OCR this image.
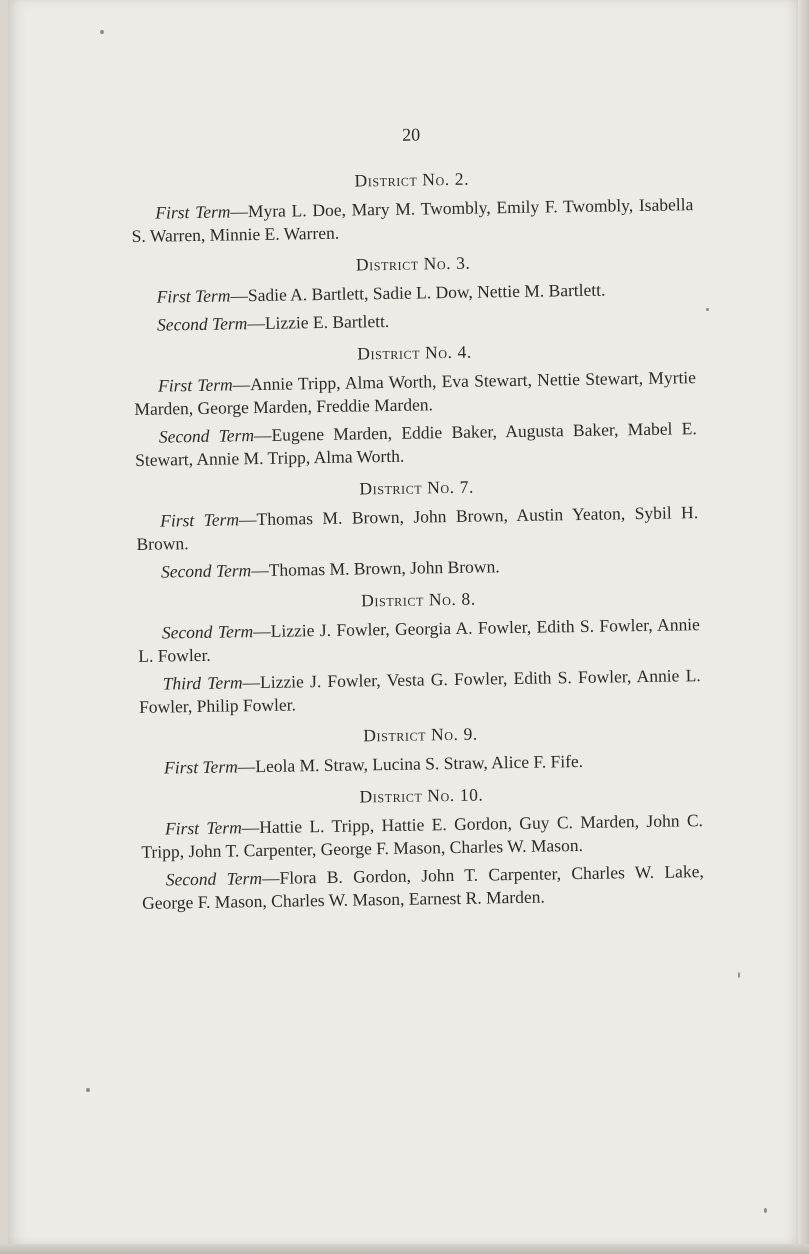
20
District No. 2.

First Term—Myra L. Doe, Mary M. Twombly, Emily F. Twombly, Isabella S. Warren, Minnie E. Warren.

District No. 3.

First Term—Sadie A. Bartlett, Sadie L. Dow, Nettie M. Bartlett.

Second Term—Lizzie E. Bartlett.

District No. 4.

First Term—Annie Tripp, Alma Worth, Eva Stewart, Nettie Stewart, Myrtie Marden, George Marden, Freddie Marden.

Second Term—Eugene Marden, Eddie Baker, Augusta Baker, Mabel E. Stewart, Annie M. Tripp, Alma Worth.

District No. 7.

First Term—Thomas M. Brown, John Brown, Austin Yeaton, Sybil H. Brown.

Second Term—Thomas M. Brown, John Brown.

District No. 8.

Second Term—Lizzie J. Fowler, Georgia A. Fowler, Edith S. Fowler, Annie L. Fowler.

Third Term—Lizzie J. Fowler, Vesta G. Fowler, Edith S. Fowler, Annie L. Fowler, Philip Fowler.

District No. 9.

First Term—Leola M. Straw, Lucina S. Straw, Alice F. Fife.

District No. 10.

First Term—Hattie L. Tripp, Hattie E. Gordon, Guy C. Marden, John C. Tripp, John T. Carpenter, George F. Mason, Charles W. Mason.

Second Term—Flora B. Gordon, John T. Carpenter, Charles W. Lake, George F. Mason, Charles W. Mason, Earnest R. Marden.
